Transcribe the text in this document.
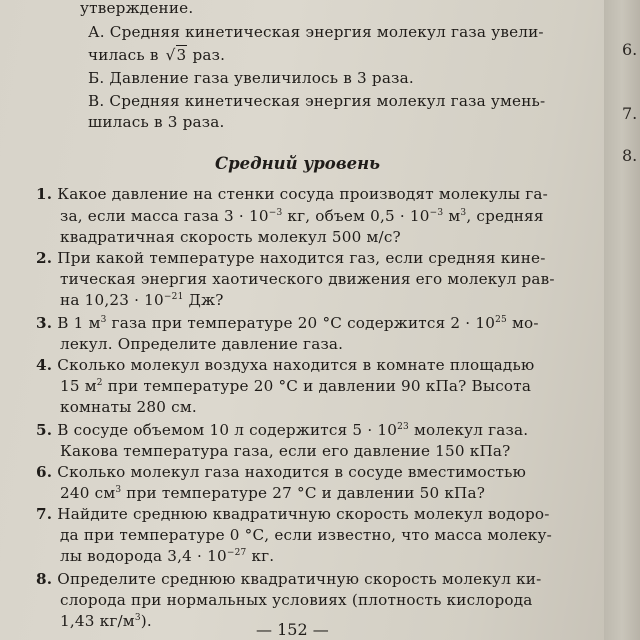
утверждение.
А. Средняя кинетическая энергия молекул газа увели-
чилась в √3 раз.
Б. Давление газа увеличилось в 3 раза.
В. Средняя кинетическая энергия молекул газа умень-
шилась в 3 раза.
Средний уровень
1. Какое давление на стенки сосуда производят молекулы га-
за, если масса газа $3 \cdot 10^{-3}$ кг, объем $0,5 \cdot 10^{-3}$ $м^3$, средняя
квадратичная скорость молекул 500 м/с?
2. При какой температуре находится газ, если средняя кине-
тическая энергия хаотического движения его молекул рав-
на $10,23 \cdot 10^{-21}$ Дж?
3. В 1 $м^3$ газа при температуре 20 °С содержится $2 \cdot 10^{25}$ мо-
лекул. Определите давление газа.
4. Сколько молекул воздуха находится в комнате площадью
15 $м^2$ при температуре 20 °С и давлении 90 кПа? Высота
комнаты 280 см.
5. В сосуде объемом 10 л содержится $5 \cdot 10^{23}$ молекул газа.
Какова температура газа, если его давление 150 кПа?
6. Сколько молекул газа находится в сосуде вместимостью
240 $см^3$ при температуре 27 °С и давлении 50 кПа?
7. Найдите среднюю квадратичную скорость молекул водоро-
да при температуре 0 °С, если известно, что масса молеку-
лы водорода $3,4 \cdot 10^{-27}$ кг.
8. Определите среднюю квадратичную скорость молекул ки-
слорода при нормальных условиях (плотность кислорода
1,43 $кг/м^3$).	— 152 —
6.
7.
8.
